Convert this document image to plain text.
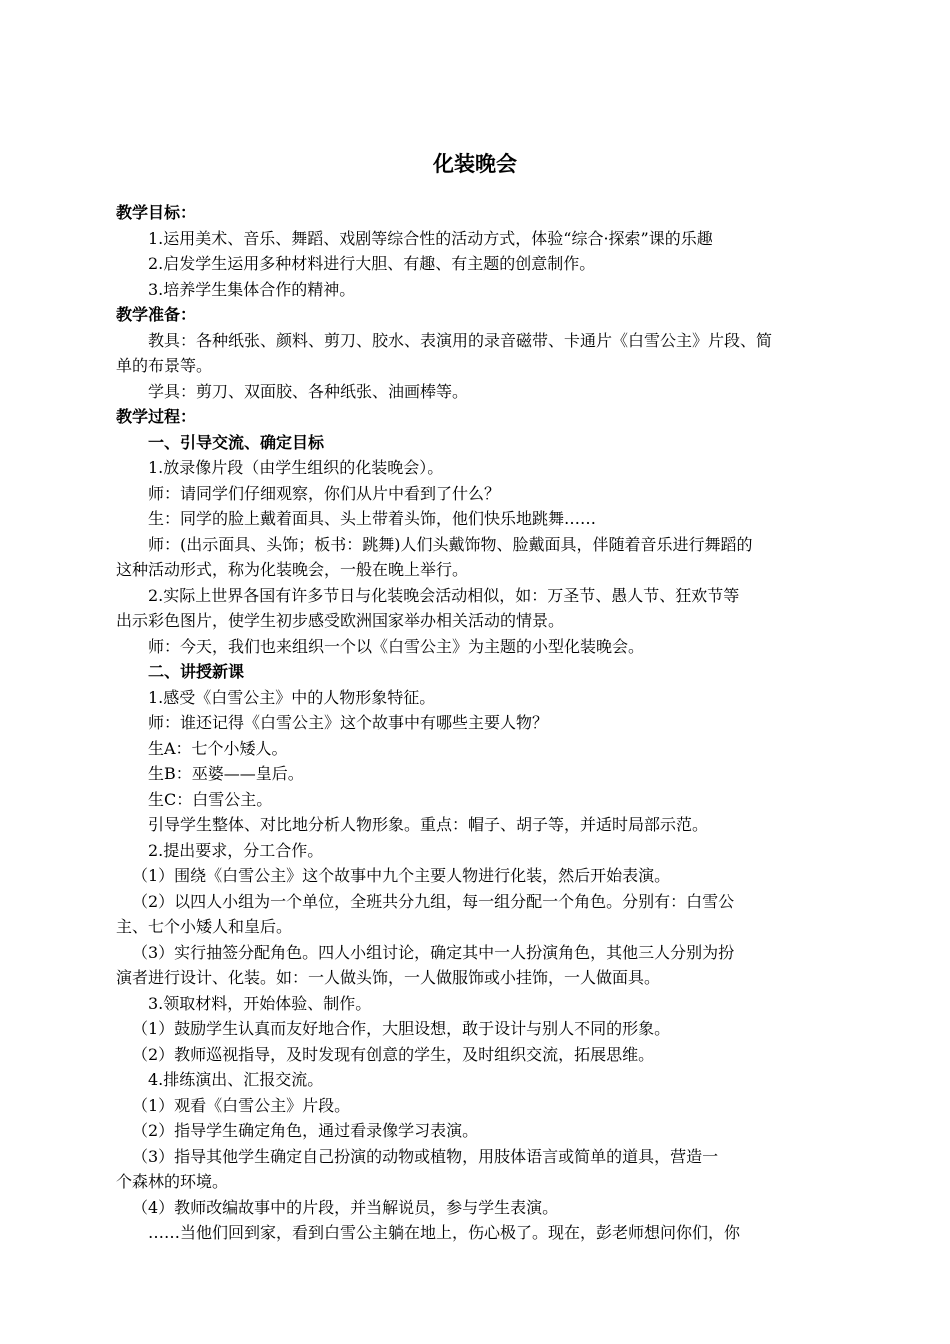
化装晚会
教学目标：
1.运用美术、音乐、舞蹈、戏剧等综合性的活动方式，体验“综合·探索”课的乐趣
2.启发学生运用多种材料进行大胆、有趣、有主题的创意制作。
3.培养学生集体合作的精神。
教学准备：
教具：各种纸张、颜料、剪刀、胶水、表演用的录音磁带、卡通片《白雪公主》片段、简
单的布景等。
学具：剪刀、双面胶、各种纸张、油画棒等。
教学过程：
一、引导交流、确定目标
1.放录像片段（由学生组织的化装晚会）。
师：请同学们仔细观察，你们从片中看到了什么？
生：同学的脸上戴着面具、头上带着头饰，他们快乐地跳舞……
师：(出示面具、头饰；板书：跳舞)人们头戴饰物、脸戴面具，伴随着音乐进行舞蹈的
这种活动形式，称为化装晚会，一般在晚上举行。
2.实际上世界各国有许多节日与化装晚会活动相似，如：万圣节、愚人节、狂欢节等
出示彩色图片，使学生初步感受欧洲国家举办相关活动的情景。
师：今天，我们也来组织一个以《白雪公主》为主题的小型化装晚会。
二、讲授新课
1.感受《白雪公主》中的人物形象特征。
师：谁还记得《白雪公主》这个故事中有哪些主要人物？
生A：七个小矮人。
生B：巫婆——皇后。
生C：白雪公主。
引导学生整体、对比地分析人物形象。重点：帽子、胡子等，并适时局部示范。
2.提出要求，分工合作。
（1）围绕《白雪公主》这个故事中九个主要人物进行化装，然后开始表演。
（2）以四人小组为一个单位，全班共分九组，每一组分配一个角色。分别有：白雪公
主、七个小矮人和皇后。
（3）实行抽签分配角色。四人小组讨论，确定其中一人扮演角色，其他三人分别为扮
演者进行设计、化装。如：一人做头饰，一人做服饰或小挂饰，一人做面具。
3.领取材料，开始体验、制作。
（1）鼓励学生认真而友好地合作，大胆设想，敢于设计与别人不同的形象。
（2）教师巡视指导，及时发现有创意的学生，及时组织交流，拓展思维。
4.排练演出、汇报交流。
（1）观看《白雪公主》片段。
（2）指导学生确定角色，通过看录像学习表演。
（3）指导其他学生确定自己扮演的动物或植物，用肢体语言或简单的道具，营造一
个森林的环境。
（4）教师改编故事中的片段，并当解说员，参与学生表演。
……当他们回到家，看到白雪公主躺在地上，伤心极了。现在，彭老师想问你们，你
